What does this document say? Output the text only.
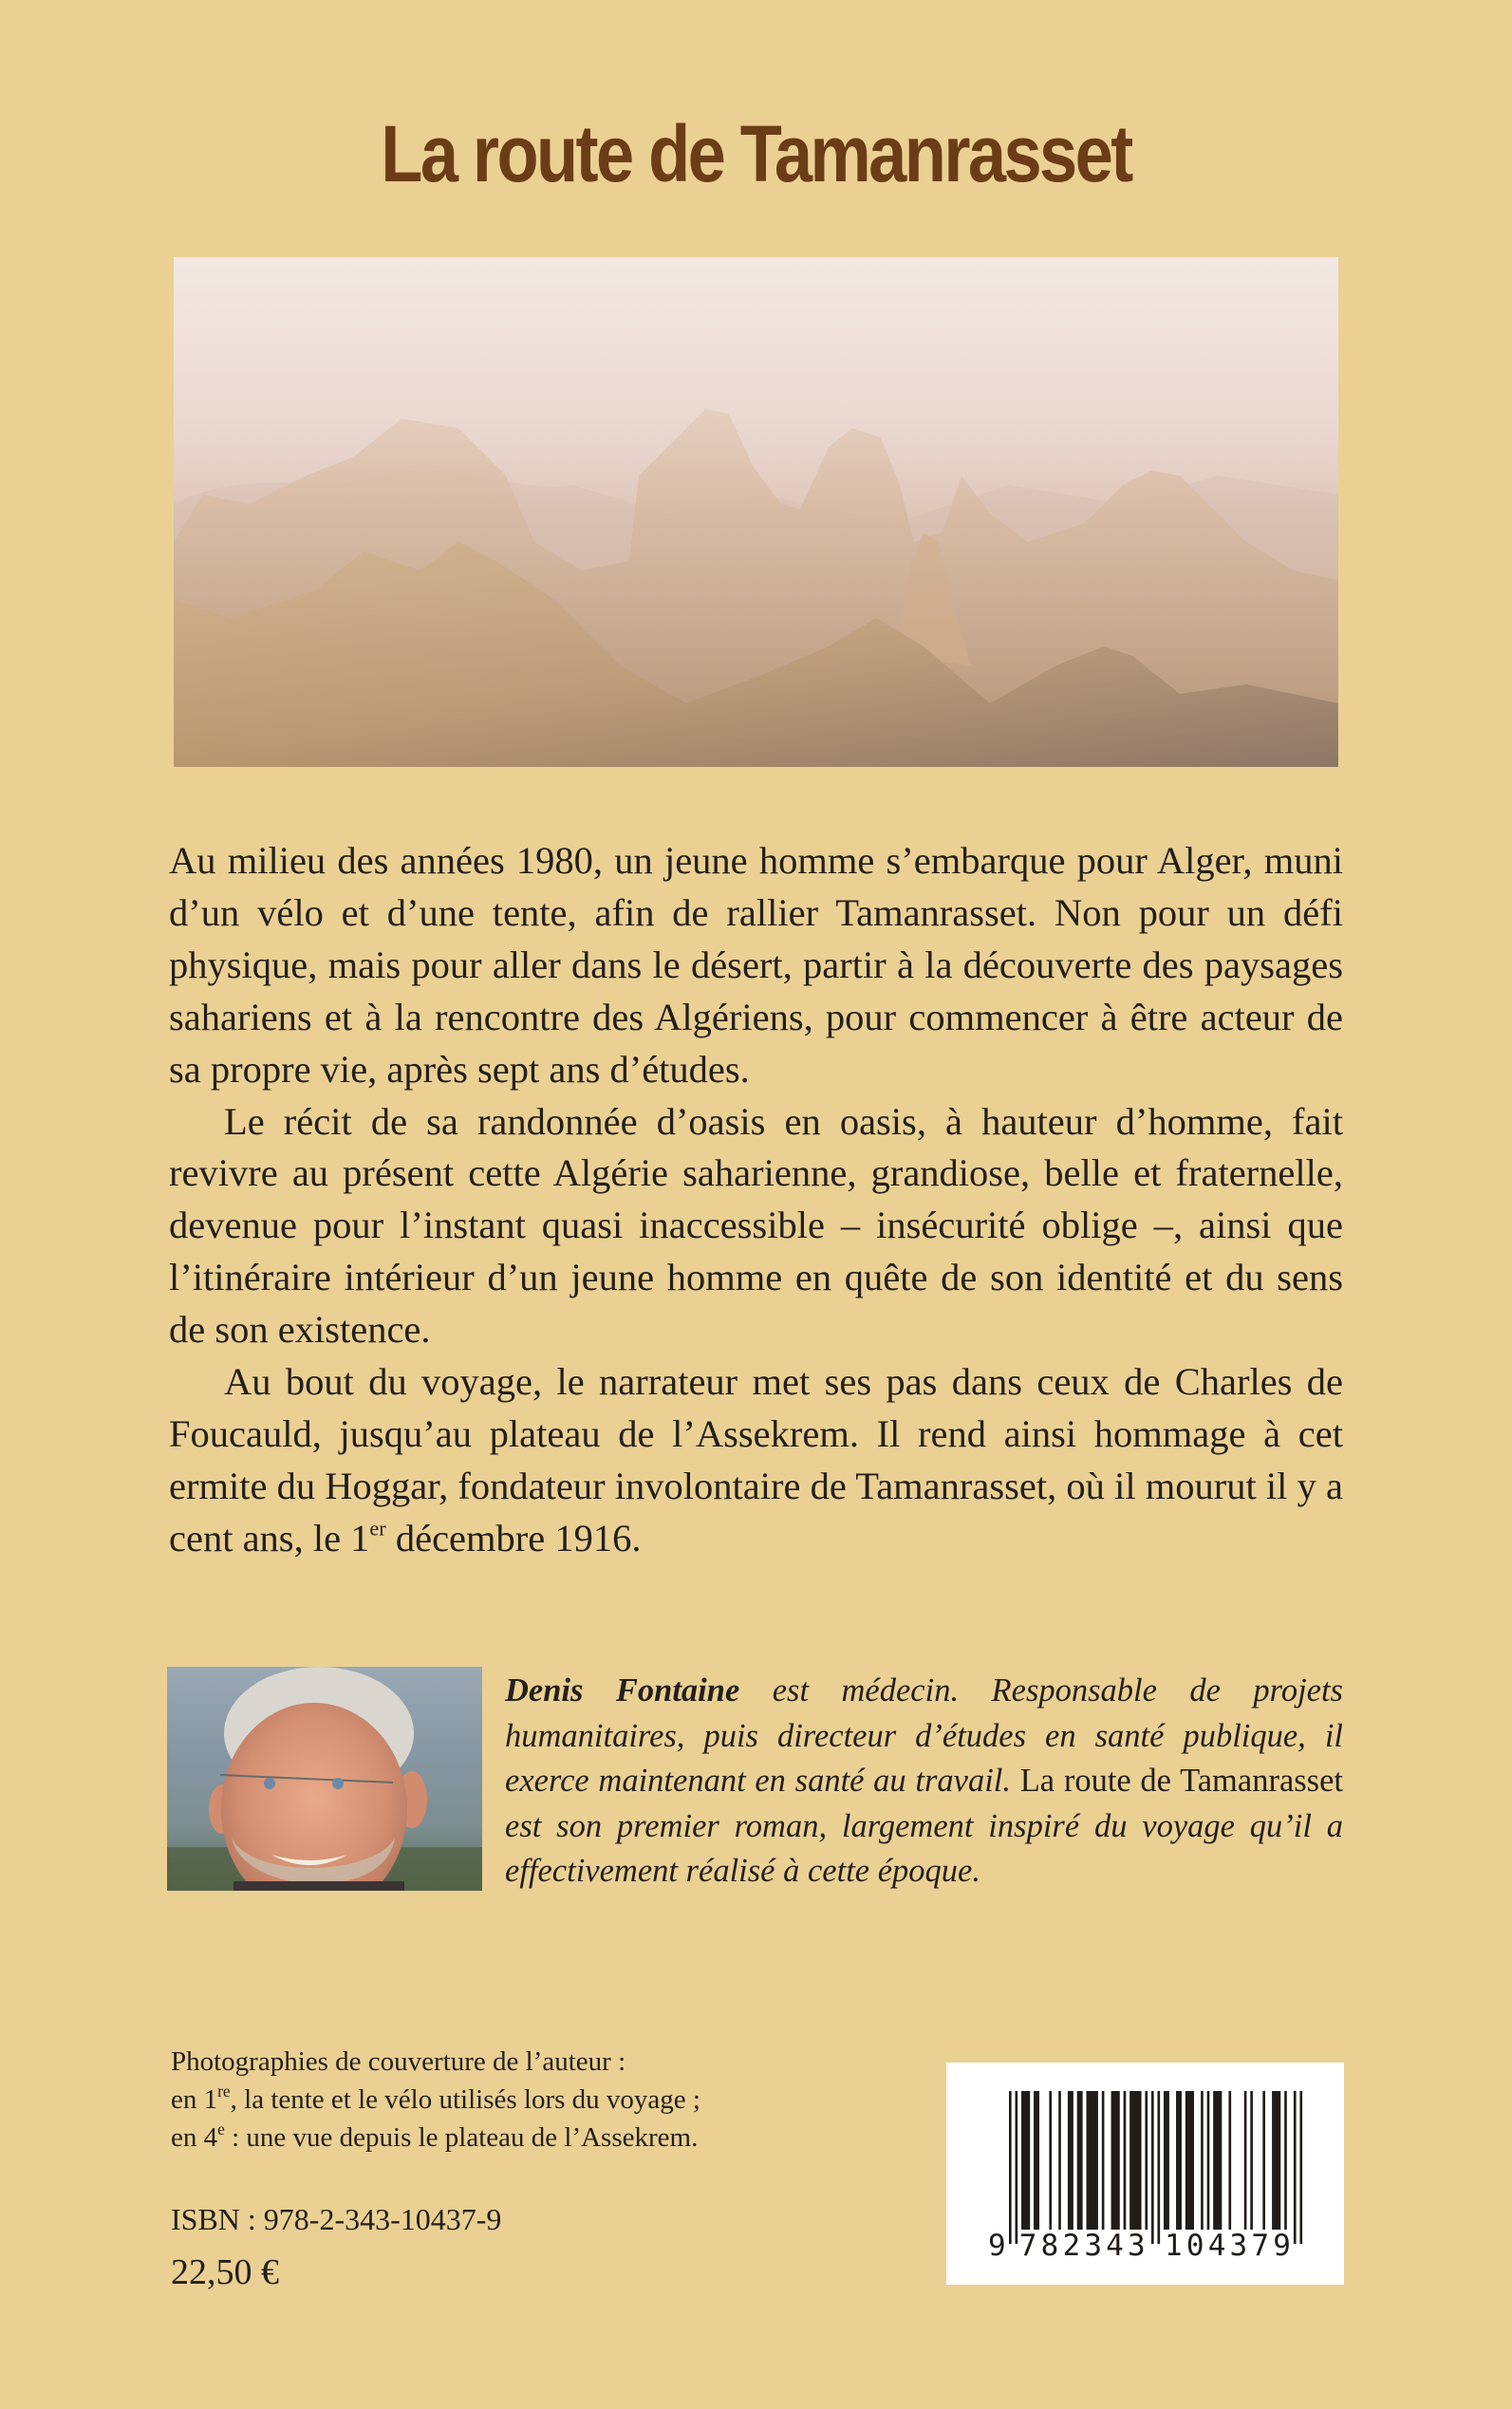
La route de Tamanrasset

Au milieu des années 1980, un jeune homme s’embarque pour Alger, muni d’un vélo et d’une tente, afin de rallier Tamanrasset. Non pour un défi physique, mais pour aller dans le désert, partir à la découverte des paysages sahariens et à la rencontre des Algériens, pour commencer à être acteur de sa propre vie, après sept ans d’études.

Le récit de sa randonnée d’oasis en oasis, à hauteur d’homme, fait revivre au présent cette Algérie saharienne, grandiose, belle et fraternelle, devenue pour l’instant quasi inaccessible – insécurité oblige –, ainsi que l’itinéraire intérieur d’un jeune homme en quête de son identité et du sens de son existence.

Au bout du voyage, le narrateur met ses pas dans ceux de Charles de Foucauld, jusqu’au plateau de l’Assekrem. Il rend ainsi hommage à cet ermite du Hoggar, fondateur involontaire de Tamanrasset, où il mourut il y a cent ans, le 1er décembre 1916.

Denis Fontaine est médecin. Responsable de projets humanitaires, puis directeur d’études en santé publique, il exerce maintenant en santé au travail. La route de Tamanrasset est son premier roman, largement inspiré du voyage qu’il a effectivement réalisé à cette époque.
Photographies de couverture de l’auteur :
en 1re, la tente et le vélo utilisés lors du voyage ;
en 4e : une vue depuis le plateau de l’Assekrem.
ISBN : 978-2-343-10437-9
22,50 €
9 782343 104379
